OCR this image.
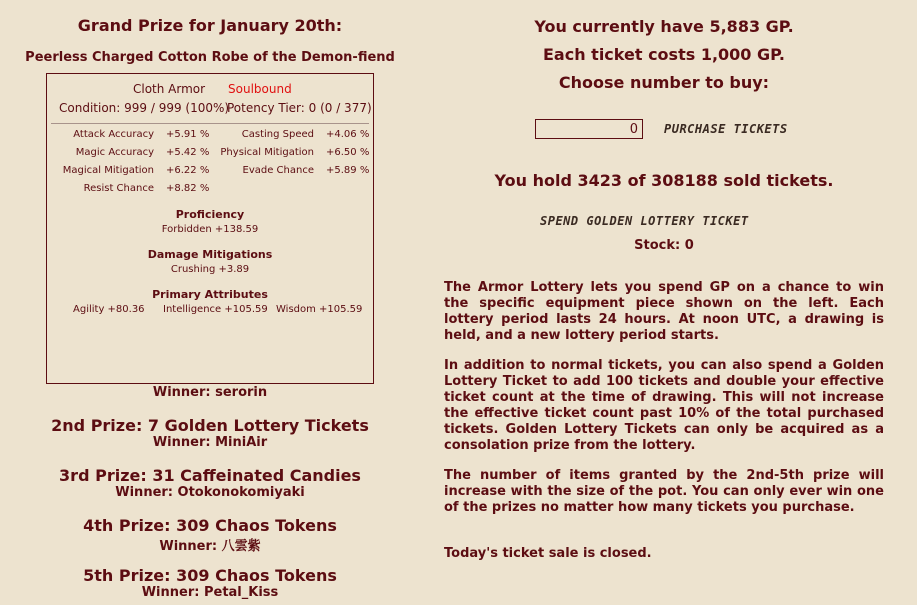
Grand Prize for January 20th:
Peerless Charged Cotton Robe of the Demon-fiend
Cloth Armor Soulbound
Condition: 999 / 999 (100%)
Potency Tier: 0 (0 / 377)
Attack Accuracy +5.91 %	Casting Speed +4.06 %
Magic Accuracy +5.42 % Physical Mitigation +6.50 %
Magical Mitigation +6.22 %	Evade Chance +5.89 %
Resist Chance +8.82 %
Proficiency
Forbidden +138.59
Damage Mitigations
Crushing +3.89
Primary Attributes
Agility +80.36 Intelligence +105.59 Wisdom +105.59
Winner: serorin
2nd Prize: 7 Golden Lottery Tickets
Winner: MiniAir
3rd Prize: 31 Caffeinated Candies
Winner: Otokonokomiyaki
4th Prize: 309 Chaos Tokens
Winner: 八雲紫
5th Prize: 309 Chaos Tokens
Winner: Petal_Kiss
You currently have 5,883 GP.
Each ticket costs 1,000 GP.
Choose number to buy:
0
PURCHASE TICKETS
You hold 3423 of 308188 sold tickets.
SPEND GOLDEN LOTTERY TICKET
Stock: 0
The Armor Lottery lets you spend GP on a chance to win the specific equipment piece shown on the left. Each lottery period lasts 24 hours. At noon UTC, a drawing is held, and a new lottery period starts.
In addition to normal tickets, you can also spend a Golden Lottery Ticket to add 100 tickets and double your effective ticket count at the time of drawing. This will not increase the effective ticket count past 10% of the total purchased tickets. Golden Lottery Tickets can only be acquired as a consolation prize from the lottery.
The number of items granted by the 2nd-5th prize will increase with the size of the pot. You can only ever win one of the prizes no matter how many tickets you purchase.
Today's ticket sale is closed.
